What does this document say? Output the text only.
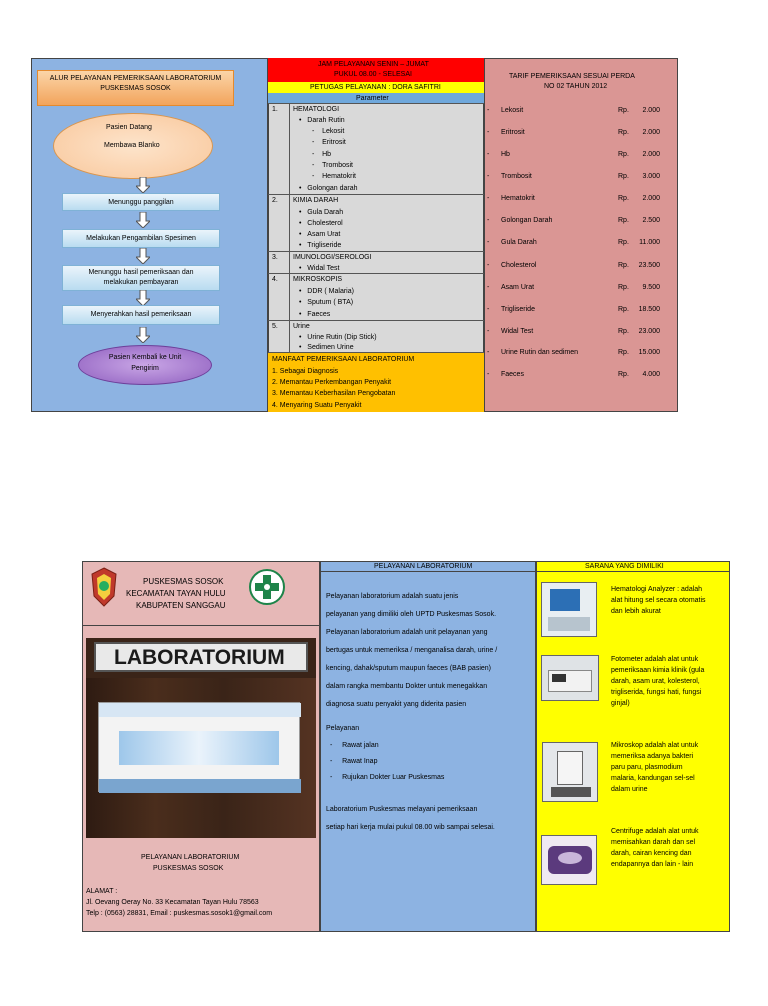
ALUR PELAYANAN PEMERIKSAAN LABORATORIUM
PUSKESMAS SOSOK
Pasien Datang
Membawa Blanko
Menunggu panggilan
Melakukan Pengambilan Spesimen
Menunggu hasil pemeriksaan dan
melakukan pembayaran
Menyerahkan hasil pemeriksaan
Pasien Kembali ke Unit
Pengirim
JAM PELAYANAN SENIN – JUMAT
PUKUL 08.00 - SELESAI
PETUGAS PELAYANAN : DORA SAFITRI
Parameter
1. HEMATOLOGI
•   Darah Rutin
-    Lekosit
-    Eritrosit
-    Hb
-    Trombosit
-    Hematokrit
•   Golongan darah
2. KIMIA DARAH
•   Gula Darah
•   Cholesterol
•   Asam Urat
•   Trigliseride
3. IMUNOLOGI/SEROLOGI
•   Widal Test
4. MIKROSKOPIS
•   DDR ( Malaria)
•   Sputum ( BTA)
•   Faeces
5. Urine
•   Urine Rutin (Dip Stick)
•   Sedimen Urine
MANFAAT PEMERIKSAAN LABORATORIUM
1. Sebagai Diagnosis
2. Memantau Perkembangan Penyakit
3. Memantau Keberhasilan Pengobatan
4. Menyaring Suatu Penyakit
TARIF PEMERIKSAAN SESUAI PERDA
NO 02 TAHUN 2012
- Lekosit	Rp.	2.000
- Eritrosit	Rp.	2.000
- Hb	Rp.	2.000
- Trombosit	Rp.	3.000
- Hematokrit	Rp.	2.000
- Golongan Darah	Rp.	2.500
- Gula Darah	Rp.	11.000
- Cholesterol	Rp.	23.500
- Asam Urat	Rp.	9.500
- Trigliseride	Rp.	18.500
- Widal Test	Rp.	23.000
- Urine Rutin dan sedimen	Rp.	15.000
- Faeces	Rp.	4.000
PUSKESMAS SOSOK
KECAMATAN TAYAN HULU
KABUPATEN SANGGAU
LABORATORIUM
PELAYANAN LABORATORIUM
PUSKESMAS SOSOK
ALAMAT :
Jl. Oevang Oeray No. 33 Kecamatan Tayan Hulu 78563
Telp : (0563) 28831, Email : puskesmas.sosok1@gmail.com
PELAYANAN LABORATORIUM
Pelayanan laboratorium adalah suatu jenis
pelayanan yang dimiliki oleh UPTD Puskesmas Sosok.
Pelayanan laboratorium adalah unit pelayanan yang
bertugas untuk memeriksa / menganalisa darah, urine /
kencing, dahak/sputum maupun faeces (BAB pasien)
dalam rangka membantu Dokter untuk menegakkan
diagnosa suatu penyakit yang diderita pasien
Pelayanan
-     Rawat jalan
-     Rawat Inap
-     Rujukan Dokter Luar Puskesmas
Laboratorium Puskesmas melayani pemeriksaan
setiap hari kerja mulai pukul 08.00 wib sampai selesai.
SARANA YANG DIMILIKI
Hematologi Analyzer : adalah
alat hitung sel secara otomatis
dan lebih akurat
Fotometer adalah alat untuk
pemeriksaan kimia klinik (gula
darah, asam urat, kolesterol,
trigliserida, fungsi hati, fungsi
ginjal)
Mikroskop adalah alat untuk
memeriksa adanya bakteri
paru paru, plasmodium
malaria, kandungan sel-sel
dalam urine
Centrifuge adalah alat untuk
memisahkan darah dan sel
darah, cairan kencing dan
endapannya dan lain - lain
